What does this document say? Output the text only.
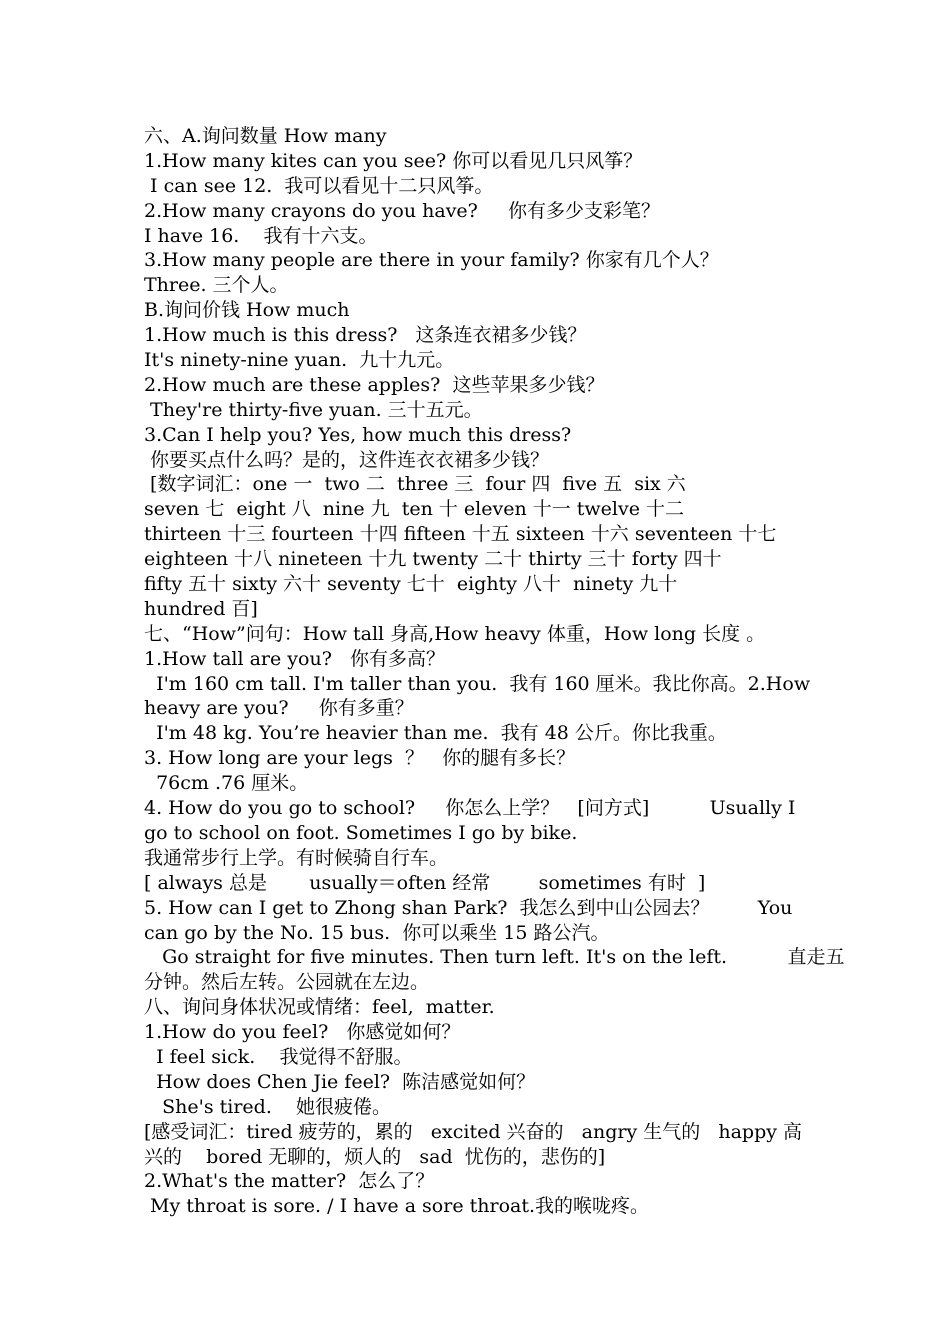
六、A.询问数量 How many
1.How many kites can you see? 你可以看见几只风筝？
I can see 12.  我可以看见十二只风筝。
2.How many crayons do you have?     你有多少支彩笔？
I have 16.    我有十六支。
3.How many people are there in your family? 你家有几个人？
Three. 三个人。
B.询问价钱 How much
1.How much is this dress?   这条连衣裙多少钱？
It's ninety-nine yuan.  九十九元。
2.How much are these apples?  这些苹果多少钱？
They're thirty-five yuan. 三十五元。
3.Can I help you? Yes, how much this dress?
你要买点什么吗？是的，这件连衣衣裙多少钱？
[数字词汇：one 一  two 二  three 三  four 四  five 五  six 六
seven 七  eight 八  nine 九  ten 十 eleven 十一 twelve 十二
thirteen 十三 fourteen 十四 fifteen 十五 sixteen 十六 seventeen 十七
eighteen 十八 nineteen 十九 twenty 二十 thirty 三十 forty 四十
fifty 五十 sixty 六十 seventy 七十  eighty 八十  ninety 九十
hundred 百]
七、“How”问句：How tall 身高,How heavy 体重，How long 长度 。
1.How tall are you?   你有多高？
I'm 160 cm tall. I'm taller than you.  我有 160 厘米。我比你高。2.How
heavy are you?     你有多重？
I'm 48 kg. You’re heavier than me.  我有 48 公斤。你比我重。
3. How long are your legs  ？   你的腿有多长？
76cm .76 厘米。
4. How do you go to school?     你怎么上学？   [问方式]          Usually I
go to school on foot. Sometimes I go by bike.
我通常步行上学。有时候骑自行车。
[ always 总是       usually＝often 经常        sometimes 有时  ]
5. How can I get to Zhong shan Park?  我怎么到中山公园去？        You
can go by the No. 15 bus.  你可以乘坐 15 路公汽。
Go straight for five minutes. Then turn left. It's on the left.          直走五
分钟。然后左转。公园就在左边。
八、询问身体状况或情绪：feel,  matter.
1.How do you feel?   你感觉如何？
I feel sick.    我觉得不舒服。
How does Chen Jie feel?  陈洁感觉如何？
She's tired.    她很疲倦。
[感受词汇：tired 疲劳的，累的   excited 兴奋的   angry 生气的   happy 高
兴的    bored 无聊的，烦人的   sad  忧伤的，悲伤的]
2.What's the matter?  怎么了？
My throat is sore. / I have a sore throat.我的喉咙疼。
